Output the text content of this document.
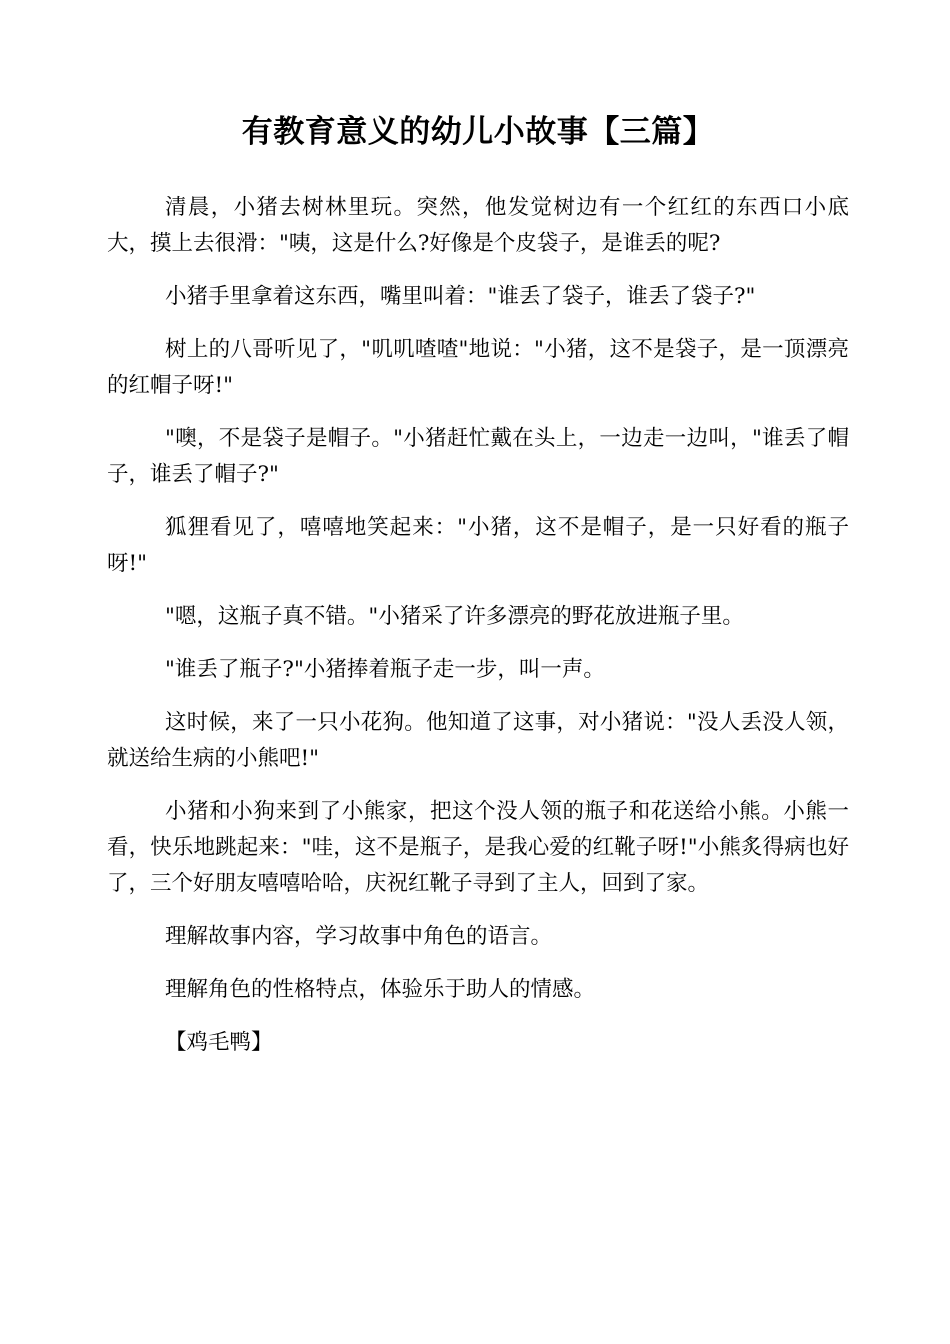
有教育意义的幼儿小故事【三篇】

清晨，小猪去树林里玩。突然，他发觉树边有一个红红的东西口小底大，摸上去很滑："咦，这是什么?好像是个皮袋子，是谁丢的呢?

小猪手里拿着这东西，嘴里叫着："谁丢了袋子，谁丢了袋子?"

树上的八哥听见了，"叽叽喳喳"地说："小猪，这不是袋子，是一顶漂亮的红帽子呀!"

"噢，不是袋子是帽子。"小猪赶忙戴在头上，一边走一边叫，"谁丢了帽子，谁丢了帽子?"

狐狸看见了，嘻嘻地笑起来："小猪，这不是帽子，是一只好看的瓶子呀!"

"嗯，这瓶子真不错。"小猪采了许多漂亮的野花放进瓶子里。

"谁丢了瓶子?"小猪捧着瓶子走一步，叫一声。

这时候，来了一只小花狗。他知道了这事，对小猪说："没人丢没人领，就送给生病的小熊吧!"

小猪和小狗来到了小熊家，把这个没人领的瓶子和花送给小熊。小熊一看，快乐地跳起来："哇，这不是瓶子，是我心爱的红靴子呀!"小熊炙得病也好了，三个好朋友嘻嘻哈哈，庆祝红靴子寻到了主人，回到了家。

理解故事内容，学习故事中角色的语言。

理解角色的性格特点，体验乐于助人的情感。

【鸡毛鸭】
